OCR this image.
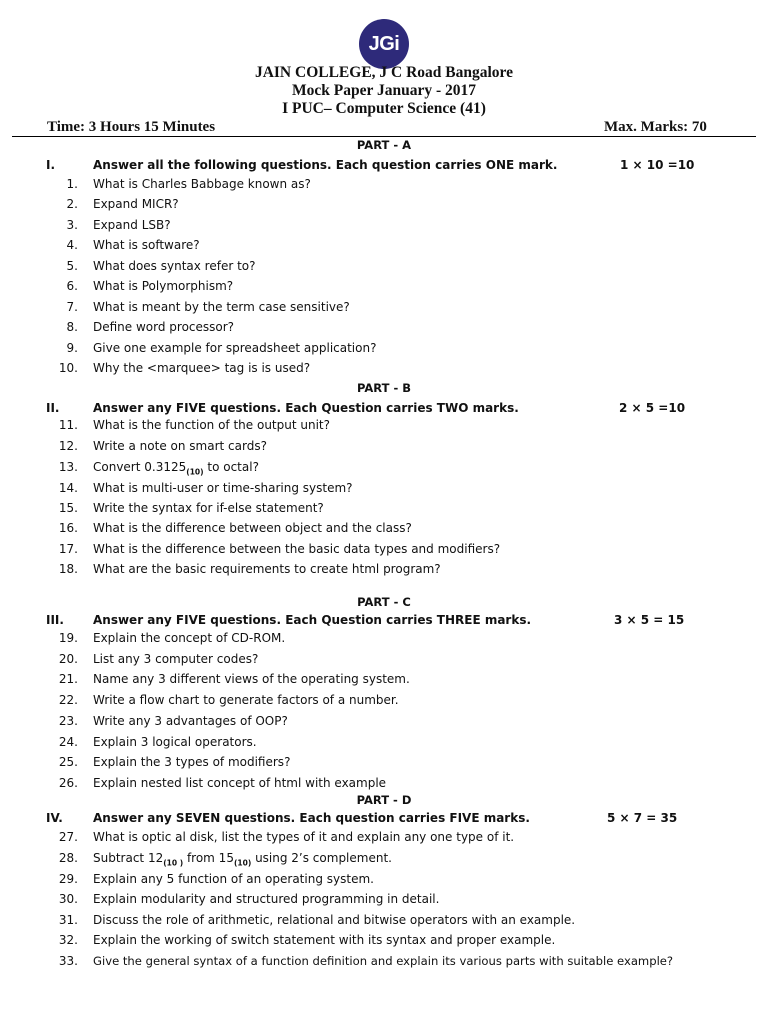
JGi
JAIN COLLEGE, J C Road Bangalore
Mock Paper January - 2017
I PUC– Computer Science (41)
Time: 3 Hours 15 Minutes	Max. Marks: 70
PART - A
I.	Answer all the following questions. Each question carries ONE mark.	1 × 10 =10
1. What is Charles Babbage known as?
2. Expand MICR?
3. Expand LSB?
4. What is software?
5. What does syntax refer to?
6. What is Polymorphism?
7. What is meant by the term case sensitive?
8. Define word processor?
9. Give one example for spreadsheet application?
10. Why the <marquee> tag is is used?
PART - B
II.	Answer any FIVE questions. Each Question carries TWO marks.	2 × 5 =10
11. What is the function of the output unit?
12. Write a note on smart cards?
13. Convert $0.3125_{(10)}$ to octal?
14. What is multi-user or time-sharing system?
15. Write the syntax for if-else statement?
16. What is the difference between object and the class?
17. What is the difference between the basic data types and modifiers?
18. What are the basic requirements to create html program?
PART - C
III. Answer any FIVE questions. Each Question carries THREE marks.	3 × 5 = 15
19. Explain the concept of CD-ROM.
20. List any 3 computer codes?
21. Name any 3 different views of the operating system.
22. Write a flow chart to generate factors of a number.
23. Write any 3 advantages of OOP?
24. Explain 3 logical operators.
25. Explain the 3 types of modifiers?
26. Explain nested list concept of html with example
PART - D
IV.	Answer any SEVEN questions. Each question carries FIVE marks.	5 × 7 = 35
27. What is optic al disk, list the types of it and explain any one type of it.
28. Subtract $12_{(10 )}$ from $15_{(10)}$ using 2’s complement.
29. Explain any 5 function of an operating system.
30. Explain modularity and structured programming in detail.
31. Discuss the role of arithmetic, relational and bitwise operators with an example.
32. Explain the working of switch statement with its syntax and proper example.
33. Give the general syntax of a function definition and explain its various parts with suitable example?
